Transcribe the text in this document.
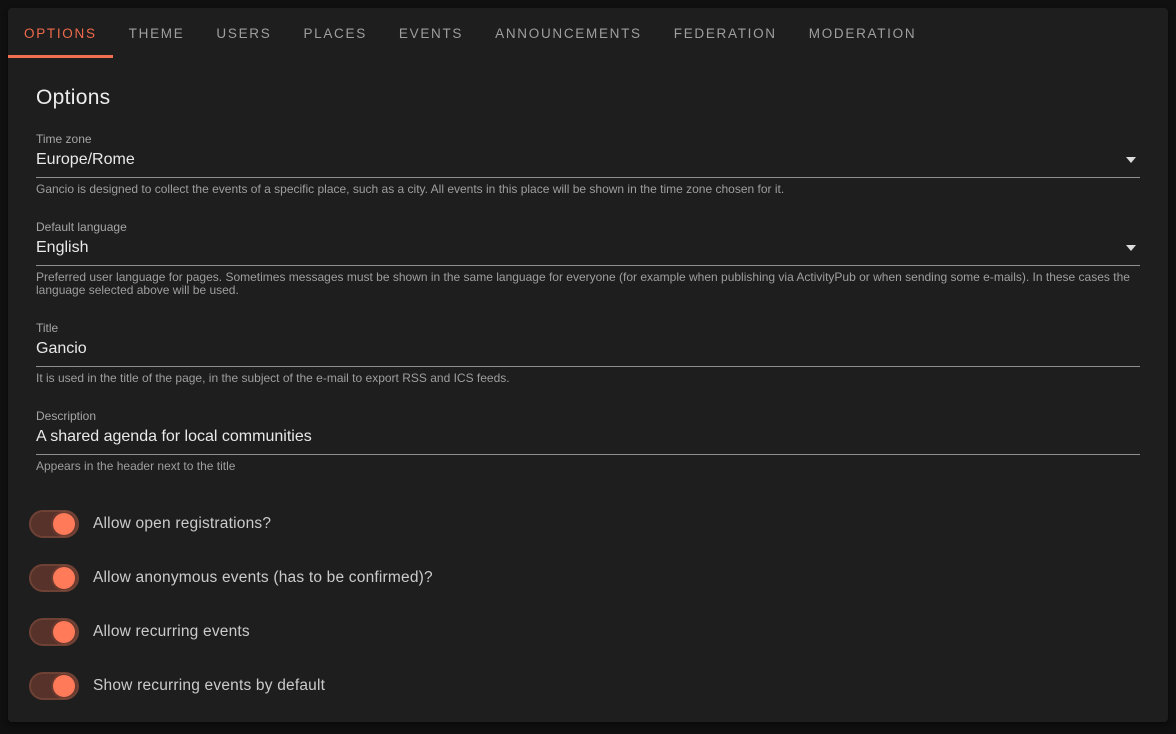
OPTIONS THEME USERS PLACES EVENTS ANNOUNCEMENTS FEDERATION MODERATION
Options
Time zone
Europe/Rome
Gancio is designed to collect the events of a specific place, such as a city. All events in this place will be shown in the time zone chosen for it.
Default language
English
Preferred user language for pages. Sometimes messages must be shown in the same language for everyone (for example when publishing via ActivityPub or when sending some e-mails). In these cases the language selected above will be used.
Title
Gancio
It is used in the title of the page, in the subject of the e-mail to export RSS and ICS feeds.
Description
A shared agenda for local communities
Appears in the header next to the title
Allow open registrations?
Allow anonymous events (has to be confirmed)?
Allow recurring events
Show recurring events by default
